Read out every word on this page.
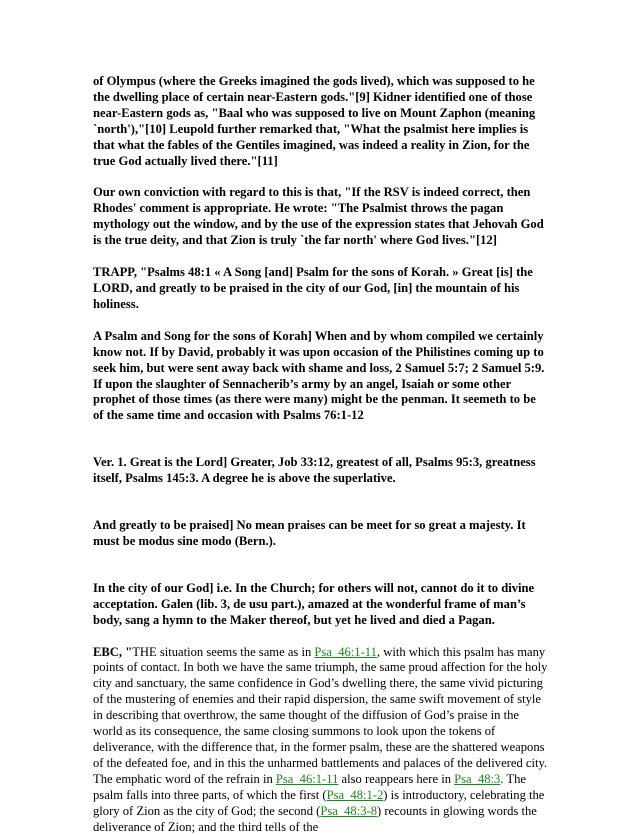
of Olympus (where the Greeks imagined the gods lived), which was supposed to he the dwelling place of certain near-Eastern gods."[9] Kidner identified one of those near-Eastern gods as, "Baal who was supposed to live on Mount Zaphon (meaning `north'),"[10] Leupold further remarked that, "What the psalmist here implies is that what the fables of the Gentiles imagined, was indeed a reality in Zion, for the true God actually lived there."[11]

Our own conviction with regard to this is that, "If the RSV is indeed correct, then Rhodes' comment is appropriate. He wrote: "The Psalmist throws the pagan mythology out the window, and by the use of the expression states that Jehovah God is the true deity, and that Zion is truly `the far north' where God lives."[12]

TRAPP, "Psalms 48:1 « A Song [and] Psalm for the sons of Korah. » Great [is] the LORD, and greatly to be praised in the city of our God, [in] the mountain of his holiness.

A Psalm and Song for the sons of Korah] When and by whom compiled we certainly know not. If by David, probably it was upon occasion of the Philistines coming up to seek him, but were sent away back with shame and loss, 2 Samuel 5:7; 2 Samuel 5:9. If upon the slaughter of Sennacherib’s army by an angel, Isaiah or some other prophet of those times (as there were many) might be the penman. It seemeth to be of the same time and occasion with Psalms 76:1-12

Ver. 1. Great is the Lord] Greater, Job 33:12, greatest of all, Psalms 95:3, greatness itself, Psalms 145:3. A degree he is above the superlative.

And greatly to be praised] No mean praises can be meet for so great a majesty. It must be modus sine modo (Bern.).

In the city of our God] i.e. In the Church; for others will not, cannot do it to divine acceptation. Galen (lib. 3, de usu part.), amazed at the wonderful frame of man’s body, sang a hymn to the Maker thereof, but yet he lived and died a Pagan.

EBC, "THE situation seems the same as in Psa_46:1-11, with which this psalm has many points of contact. In both we have the same triumph, the same proud affection for the holy city and sanctuary, the same confidence in God’s dwelling there, the same vivid picturing of the mustering of enemies and their rapid dispersion, the same swift movement of style in describing that overthrow, the same thought of the diffusion of God’s praise in the world as its consequence, the same closing summons to look upon the tokens of deliverance, with the difference that, in the former psalm, these are the shattered weapons of the defeated foe, and in this the unharmed battlements and palaces of the delivered city. The emphatic word of the refrain in Psa_46:1-11 also reappears here in Psa_48:3. The psalm falls into three parts, of which the first (Psa_48:1-2) is introductory, celebrating the glory of Zion as the city of God; the second (Psa_48:3-8) recounts in glowing words the deliverance of Zion; and the third tells of the
